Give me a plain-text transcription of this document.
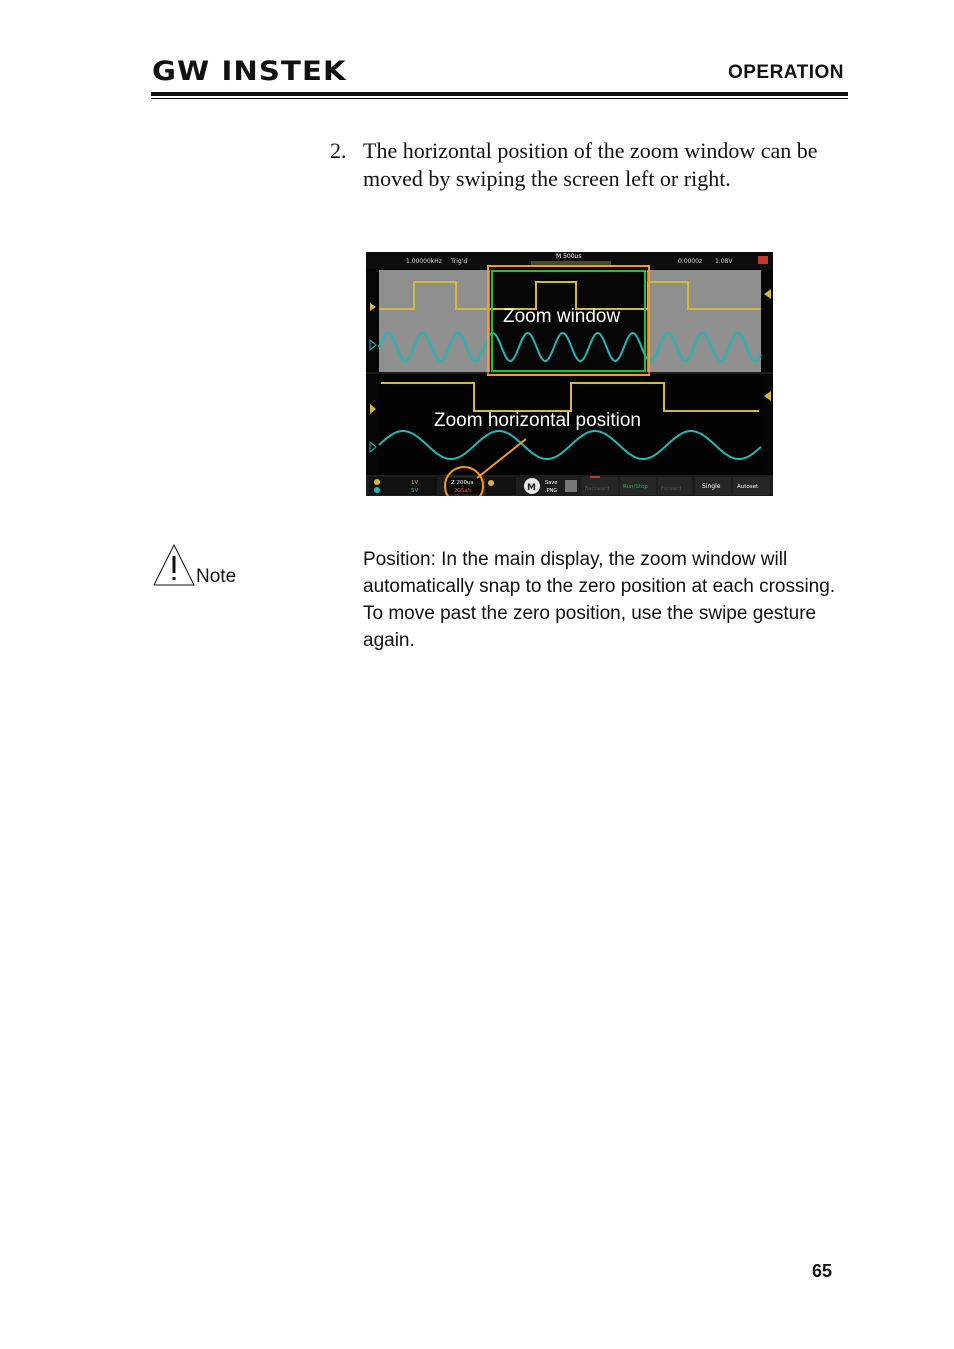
GW INSTEK	OPERATION
2. The horizontal position of the zoom window can be moved by swiping the screen left or right.
1.00000kHz Trig'd
M 500us
0.0000z 1.08V
1V
5V
Z 200us
2GSa/s	M Save
.PNG	Backward Run/Stop	Forward	Single	Autoset
Zoom window
Zoom horizontal position
Note
Position: In the main display, the zoom window will automatically snap to the zero position at each crossing. To move past the zero position, use the swipe gesture again.
65
